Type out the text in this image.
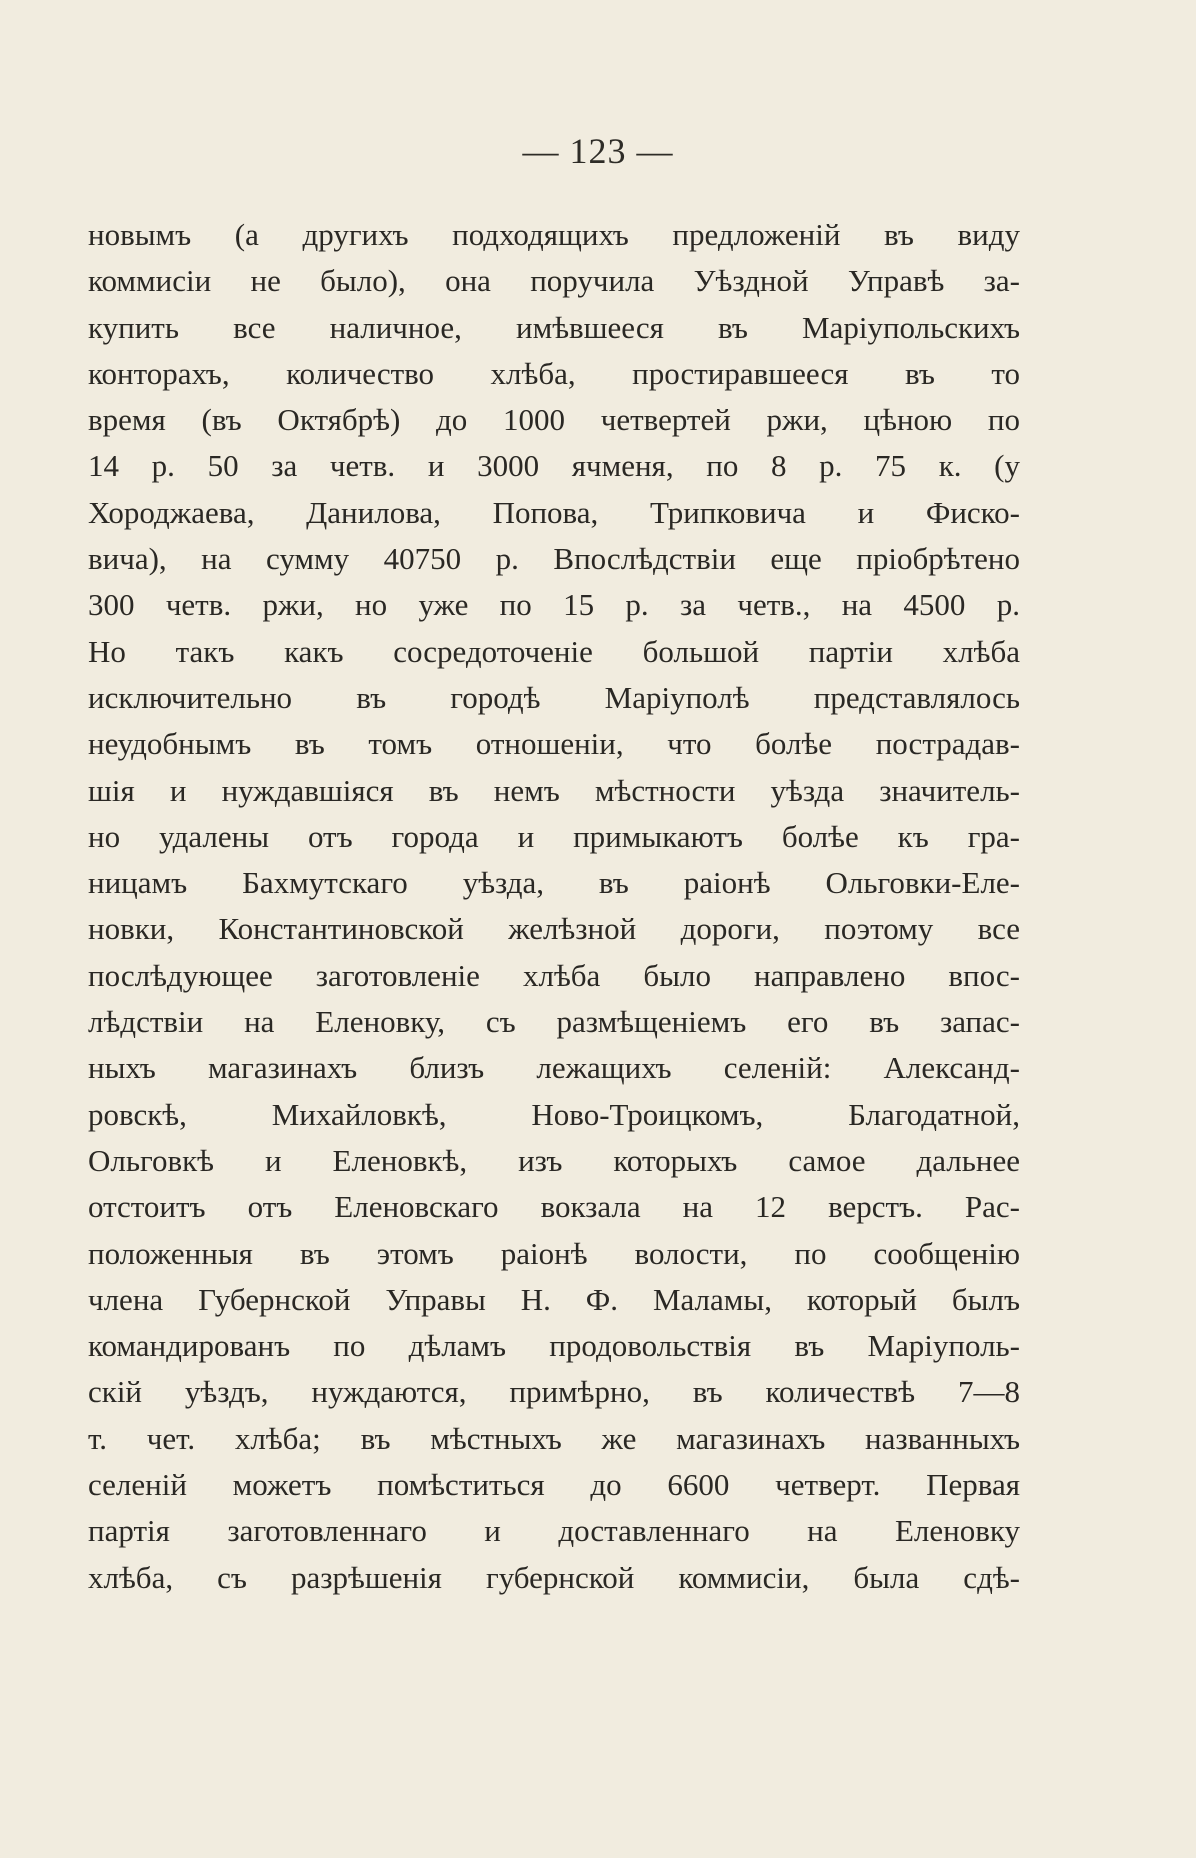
— 123 —
новымъ (а другихъ подходящихъ предложеній въ виду
коммисіи не было), она поручила Уѣздной Управѣ за-
купить все наличное, имѣвшееся въ Маріупольскихъ
конторахъ, количество хлѣба, простиравшееся въ то
время (въ Октябрѣ) до 1000 четвертей ржи, цѣною по
14 р. 50 за четв. и 3000 ячменя, по 8 р. 75 к. (у
Хороджаева, Данилова, Попова, Трипковича и Фиско-
вича), на сумму 40750 р. Впослѣдствіи еще пріобрѣтено
300 четв. ржи, но уже по 15 р. за четв., на 4500 р.
Но такъ какъ сосредоточеніе большой партіи хлѣба
исключительно въ городѣ Маріуполѣ представлялось
неудобнымъ въ томъ отношеніи, что болѣе пострадав-
шія и нуждавшіяся въ немъ мѣстности уѣзда значитель-
но удалены отъ города и примыкаютъ болѣе къ гра-
ницамъ Бахмутскаго уѣзда, въ раіонѣ Ольговки-Еле-
новки, Константиновской желѣзной дороги, поэтому все
послѣдующее заготовленіе хлѣба было направлено впос-
лѣдствіи на Еленовку, съ размѣщеніемъ его въ запас-
ныхъ магазинахъ близъ лежащихъ селеній: Александ-
ровскѣ, Михайловкѣ, Ново-Троицкомъ, Благодатной,
Ольговкѣ и Еленовкѣ, изъ которыхъ самое дальнее
отстоитъ отъ Еленовскаго вокзала на 12 верстъ. Рас-
положенныя въ этомъ раіонѣ волости, по сообщенію
члена Губернской Управы Н. Ф. Маламы, который былъ
командированъ по дѣламъ продовольствія въ Маріуполь-
скій уѣздъ, нуждаются, примѣрно, въ количествѣ 7—8
т. чет. хлѣба; въ мѣстныхъ же магазинахъ названныхъ
селеній можетъ помѣститься до 6600 четверт. Первая
партія заготовленнаго и доставленнаго на Еленовку
хлѣба, съ разрѣшенія губернской коммисіи, была сдѣ-
